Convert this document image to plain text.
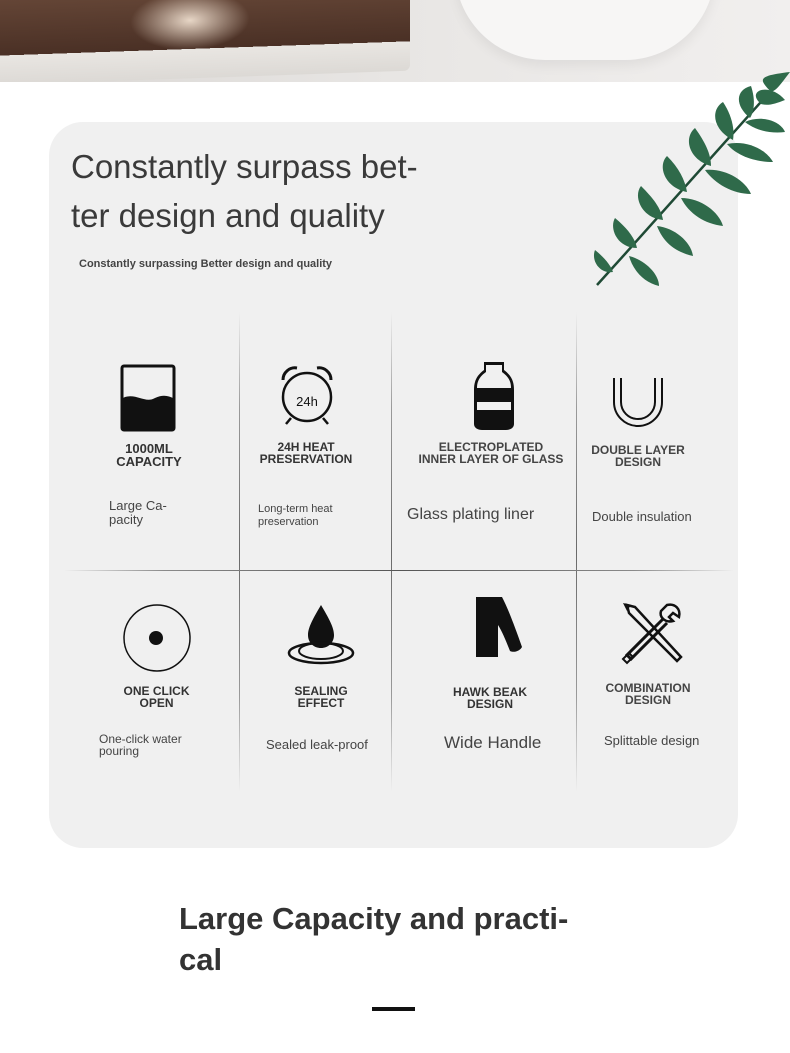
Constantly surpass bet- ter design and quality
Constantly surpassing Better design and quality
1000ML
CAPACITY
Large Ca-
pacity
24h
24H HEAT
PRESERVATION
Long-term heat
preservation
ELECTROPLATED
INNER LAYER OF GLASS
Glass plating liner
DOUBLE LAYER
DESIGN
Double insulation
ONE CLICK
OPEN
One-click water
pouring
SEALING
EFFECT
Sealed leak-proof
HAWK BEAK
DESIGN
Wide Handle
COMBINATION
DESIGN
Splittable design
Large Capacity and practi- cal
